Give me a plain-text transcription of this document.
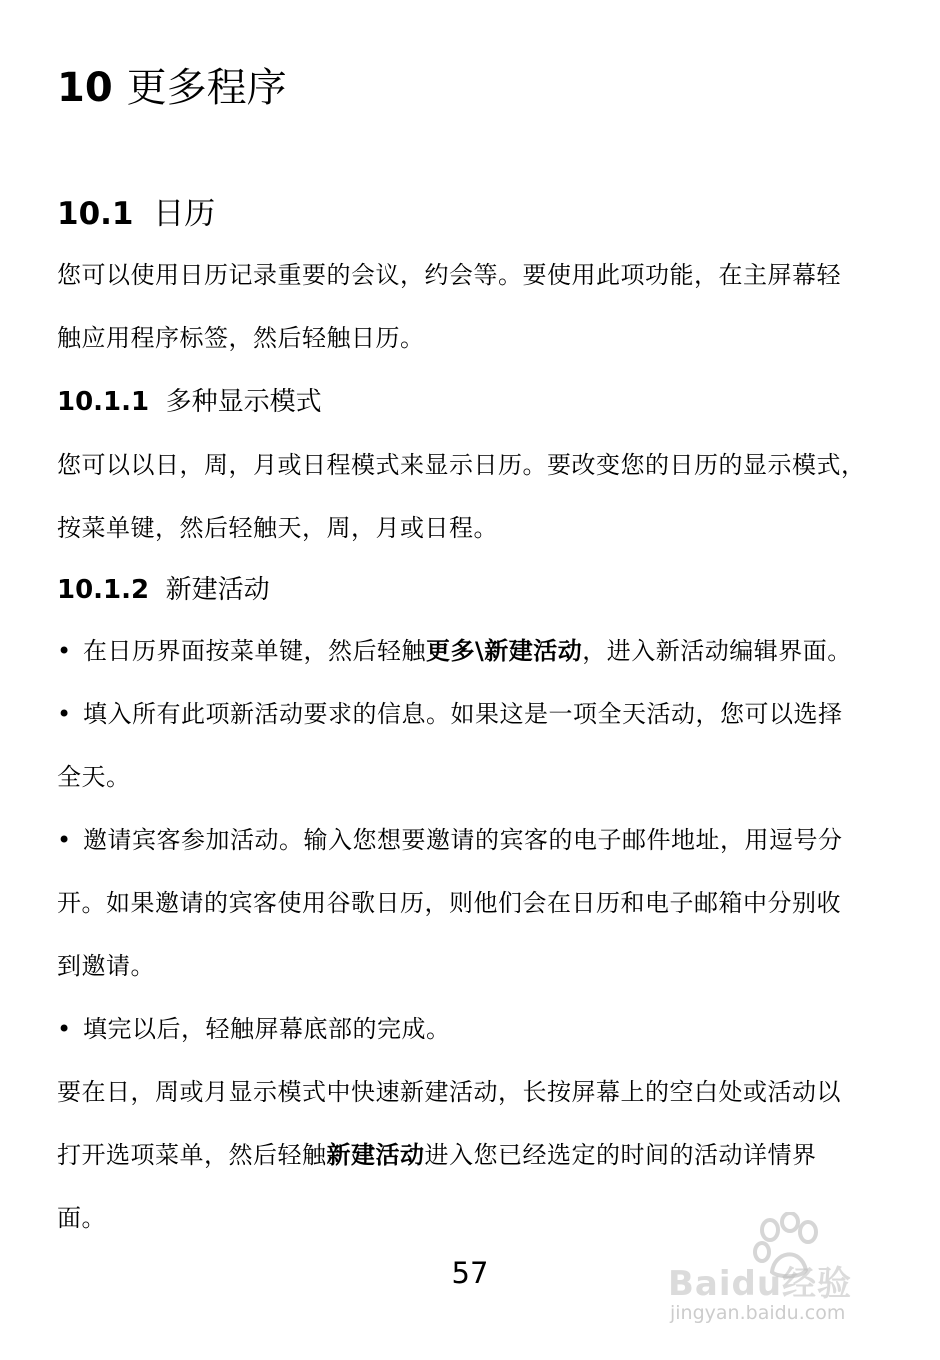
10 更多程序
10.1 日历
您可以使用日历记录重要的会议，约会等。要使用此项功能，在主屏幕轻
触应用程序标签，然后轻触日历。
10.1.1 多种显示模式
您可以以日，周，月或日程模式来显示日历。要改变您的日历的显示模式，
按菜单键，然后轻触天，周，月或日程。
10.1.2 新建活动
• 在日历界面按菜单键，然后轻触更多\新建活动，进入新活动编辑界面。
• 填入所有此项新活动要求的信息。如果这是一项全天活动，您可以选择
全天。
• 邀请宾客参加活动。输入您想要邀请的宾客的电子邮件地址，用逗号分
开。如果邀请的宾客使用谷歌日历，则他们会在日历和电子邮箱中分别收
到邀请。
• 填完以后，轻触屏幕底部的完成。
要在日，周或月显示模式中快速新建活动，长按屏幕上的空白处或活动以
打开选项菜单，然后轻触新建活动进入您已经选定的时间的活动详情界
面。
57	Baidu经验
jingyan.baidu.com
